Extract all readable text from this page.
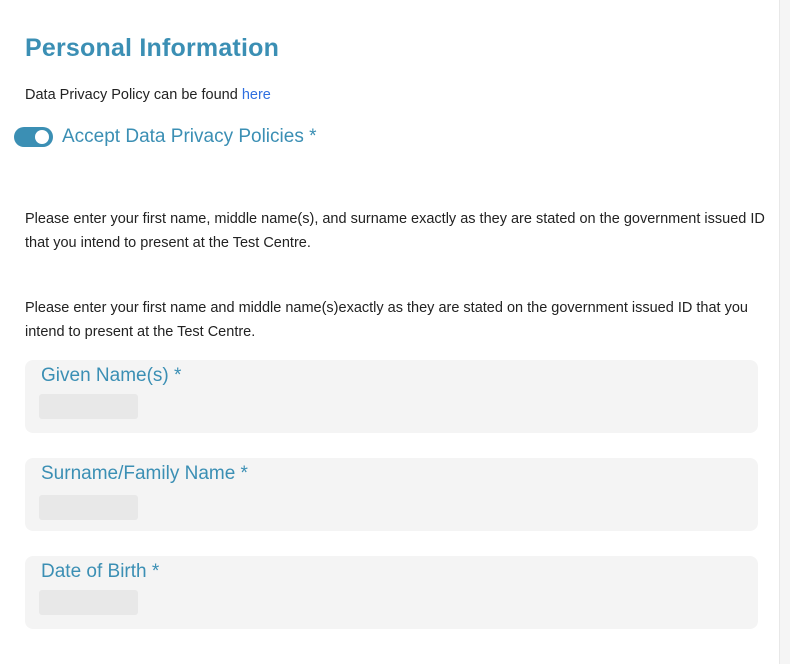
Personal Information
Data Privacy Policy can be found here
Accept Data Privacy Policies *
Please enter your first name, middle name(s), and surname exactly as they are stated on the government issued ID that you intend to present at the Test Centre.
Please enter your first name and middle name(s)exactly as they are stated on the government issued ID that you intend to present at the Test Centre.
Given Name(s) *
Surname/Family Name *
Date of Birth *
